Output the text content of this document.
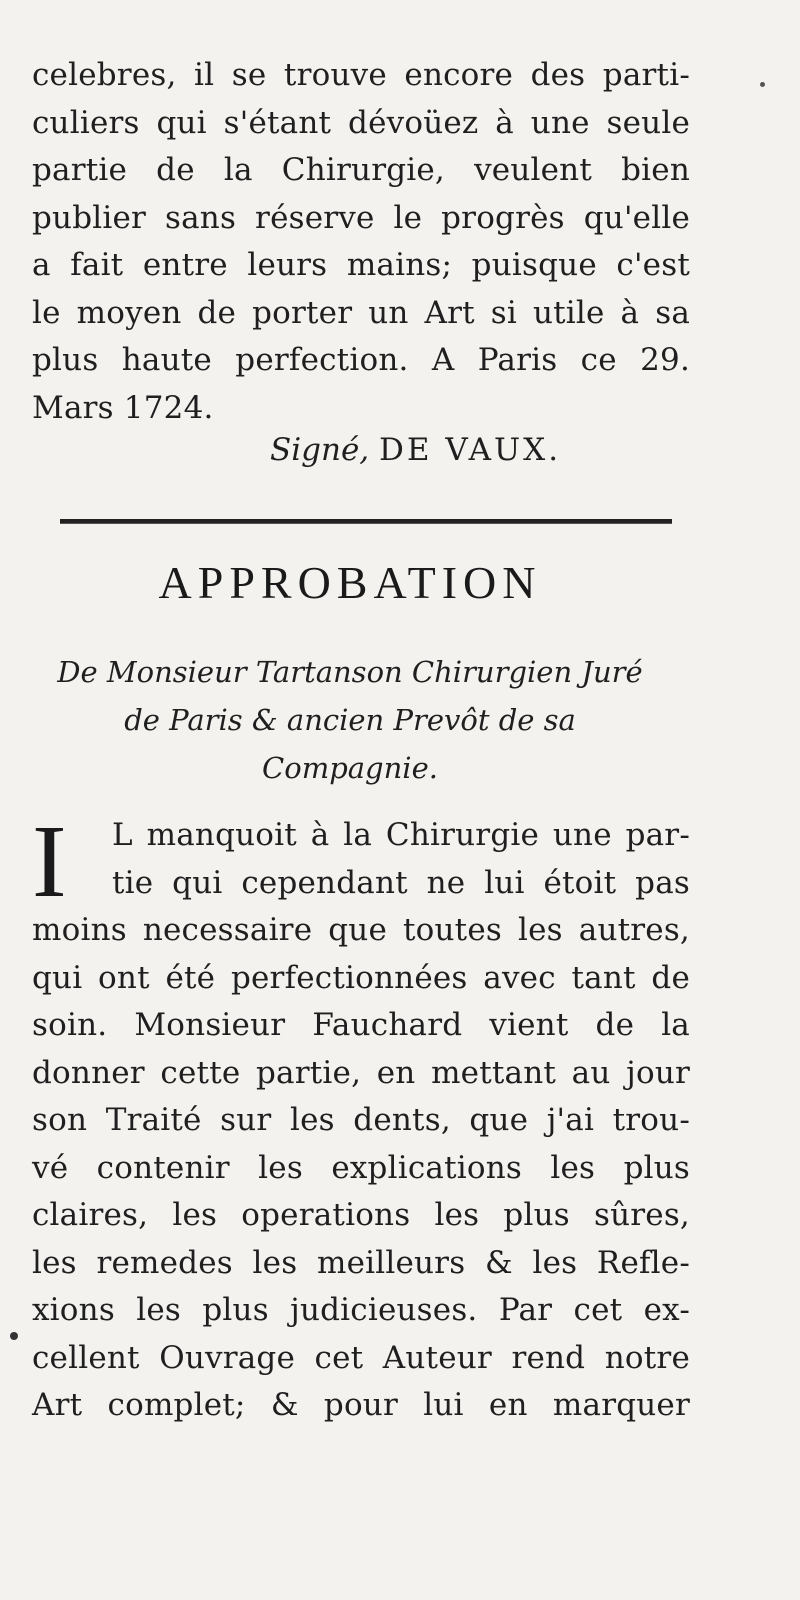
celebres, il se trouve encore des parti-
culiers qui s'étant dévoüez à une seule
partie de la Chirurgie, veulent bien
publier sans réserve le progrès qu'elle
a fait entre leurs mains; puisque c'est
le moyen de porter un Art si utile à sa
plus haute perfection. A Paris ce 29.
Mars 1724.
Signé, DE VAUX.
APPROBATION
De Monsieur Tartanson Chirurgien Juré
de Paris & ancien Prevôt de sa
Compagnie.
I	L manquoit à la Chirurgie une par-
tie qui cependant ne lui étoit pas
moins necessaire que toutes les autres,
qui ont été perfectionnées avec tant de
soin. Monsieur Fauchard vient de la
donner cette partie, en mettant au jour
son Traité sur les dents, que j'ai trou-
vé contenir les explications les plus
claires, les operations les plus sûres,
les remedes les meilleurs & les Refle-
xions les plus judicieuses. Par cet ex-
cellent Ouvrage cet Auteur rend notre
Art complet; & pour lui en marquer
